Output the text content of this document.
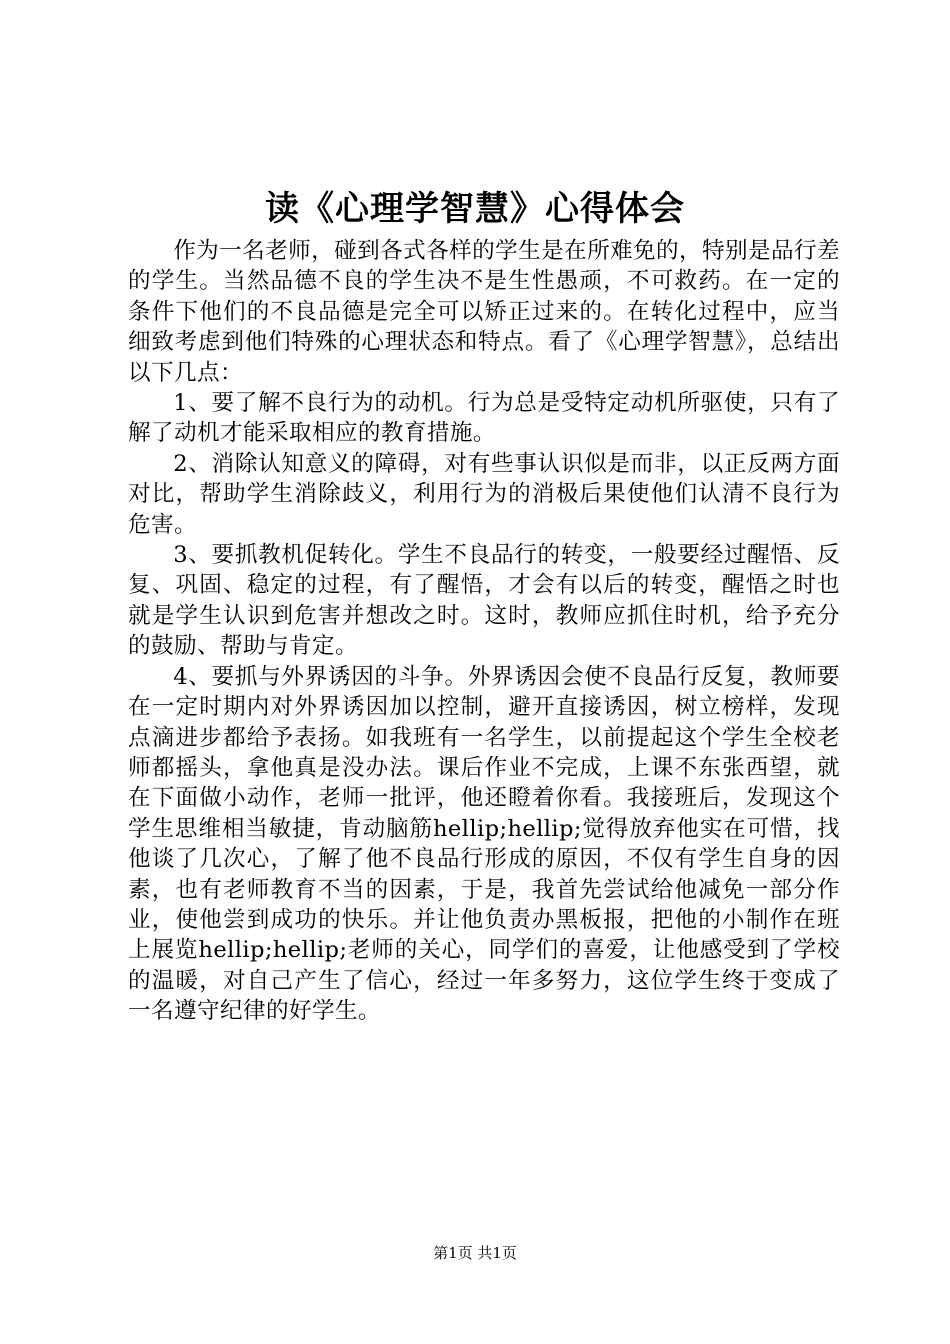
读《心理学智慧》心得体会

作为一名老师，碰到各式各样的学生是在所难免的，特别是品行差的学生。当然品德不良的学生决不是生性愚顽，不可救药。在一定的条件下他们的不良品德是完全可以矫正过来的。在转化过程中，应当细致考虑到他们特殊的心理状态和特点。看了《心理学智慧》，总结出以下几点：

1、要了解不良行为的动机。行为总是受特定动机所驱使，只有了解了动机才能采取相应的教育措施。

2、消除认知意义的障碍，对有些事认识似是而非，以正反两方面对比，帮助学生消除歧义，利用行为的消极后果使他们认清不良行为危害。

3、要抓教机促转化。学生不良品行的转变，一般要经过醒悟、反复、巩固、稳定的过程，有了醒悟，才会有以后的转变，醒悟之时也就是学生认识到危害并想改之时。这时，教师应抓住时机，给予充分的鼓励、帮助与肯定。

4、要抓与外界诱因的斗争。外界诱因会使不良品行反复，教师要在一定时期内对外界诱因加以控制，避开直接诱因，树立榜样，发现点滴进步都给予表扬。如我班有一名学生，以前提起这个学生全校老师都摇头，拿他真是没办法。课后作业不完成，上课不东张西望，就在下面做小动作，老师一批评，他还瞪着你看。我接班后，发现这个学生思维相当敏捷，肯动脑筋hellip;hellip;觉得放弃他实在可惜，找他谈了几次心，了解了他不良品行形成的原因，不仅有学生自身的因素，也有老师教育不当的因素，于是，我首先尝试给他减免一部分作业，使他尝到成功的快乐。并让他负责办黑板报，把他的小制作在班上展览hellip;hellip;老师的关心，同学们的喜爱，让他感受到了学校的温暖，对自己产生了信心，经过一年多努力，这位学生终于变成了一名遵守纪律的好学生。

第1页 共1页
